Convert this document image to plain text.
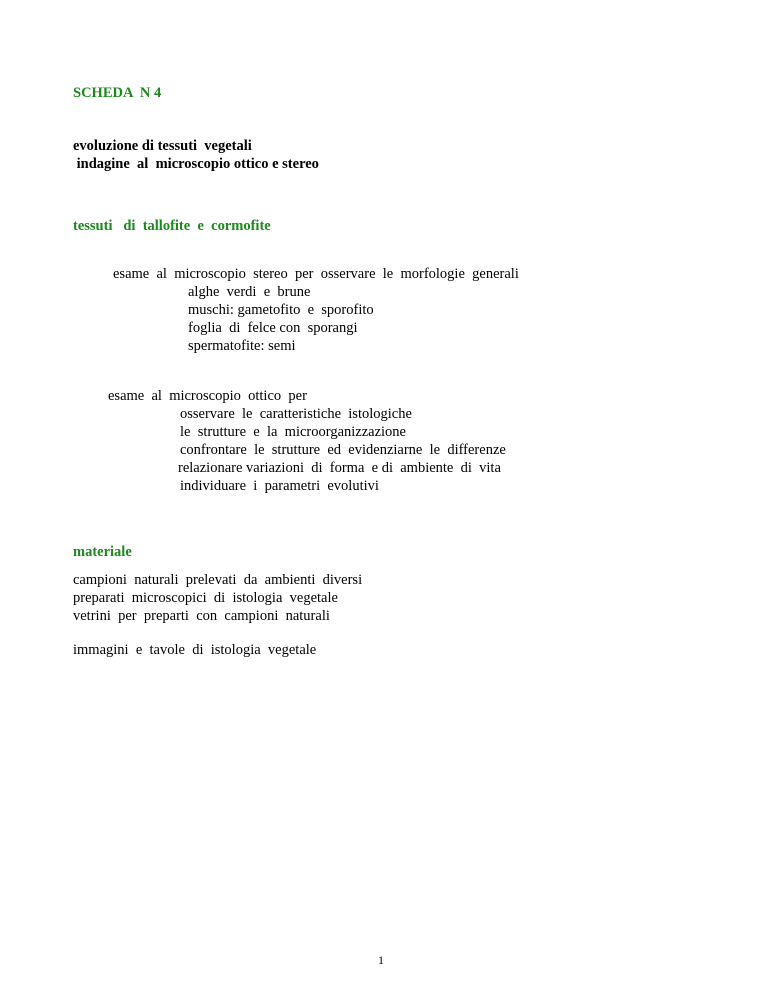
SCHEDA  N 4

evoluzione di tessuti  vegetali

indagine  al  microscopio ottico e stereo

tessuti   di  tallofite  e  cormofite

esame  al  microscopio  stereo  per  osservare  le  morfologie  generali

alghe  verdi  e  brune

muschi: gametofito  e  sporofito

foglia  di  felce con  sporangi

spermatofite: semi

esame  al  microscopio  ottico  per

osservare  le  caratteristiche  istologiche

le  strutture  e  la  microorganizzazione

confrontare  le  strutture  ed  evidenziarne  le  differenze

relazionare variazioni  di  forma  e di  ambiente  di  vita

individuare  i  parametri  evolutivi

materiale

campioni  naturali  prelevati  da  ambienti  diversi

preparati  microscopici  di  istologia  vegetale

vetrini  per  preparti  con  campioni  naturali

immagini  e  tavole  di  istologia  vegetale

1
